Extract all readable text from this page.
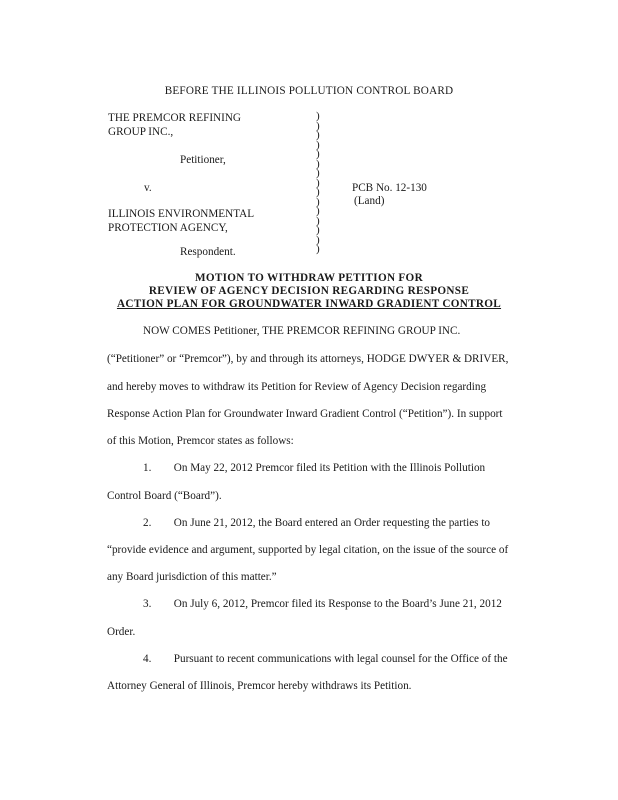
BEFORE THE ILLINOIS POLLUTION CONTROL BOARD
THE PREMCOR REFINING
GROUP INC.,
Petitioner,
v.
ILLINOIS ENVIRONMENTAL
PROTECTION AGENCY,
Respondent.
)
)
)
)
)
)
)
)
)
)
)
)
)
)
)
PCB No. 12-130
(Land)
MOTION TO WITHDRAW PETITION FOR
REVIEW OF AGENCY DECISION REGARDING RESPONSE
ACTION PLAN FOR GROUNDWATER INWARD GRADIENT CONTROL
NOW COMES Petitioner, THE PREMCOR REFINING GROUP INC.
(“Petitioner” or “Premcor”), by and through its attorneys, HODGE DWYER & DRIVER,
and hereby moves to withdraw its Petition for Review of Agency Decision regarding
Response Action Plan for Groundwater Inward Gradient Control (“Petition”). In support
of this Motion, Premcor states as follows:
1.        On May 22, 2012 Premcor filed its Petition with the Illinois Pollution
Control Board (“Board”).
2.        On June 21, 2012, the Board entered an Order requesting the parties to
“provide evidence and argument, supported by legal citation, on the issue of the source of
any Board jurisdiction of this matter.”
3.        On July 6, 2012, Premcor filed its Response to the Board’s June 21, 2012
Order.
4.        Pursuant to recent communications with legal counsel for the Office of the
Attorney General of Illinois, Premcor hereby withdraws its Petition.
